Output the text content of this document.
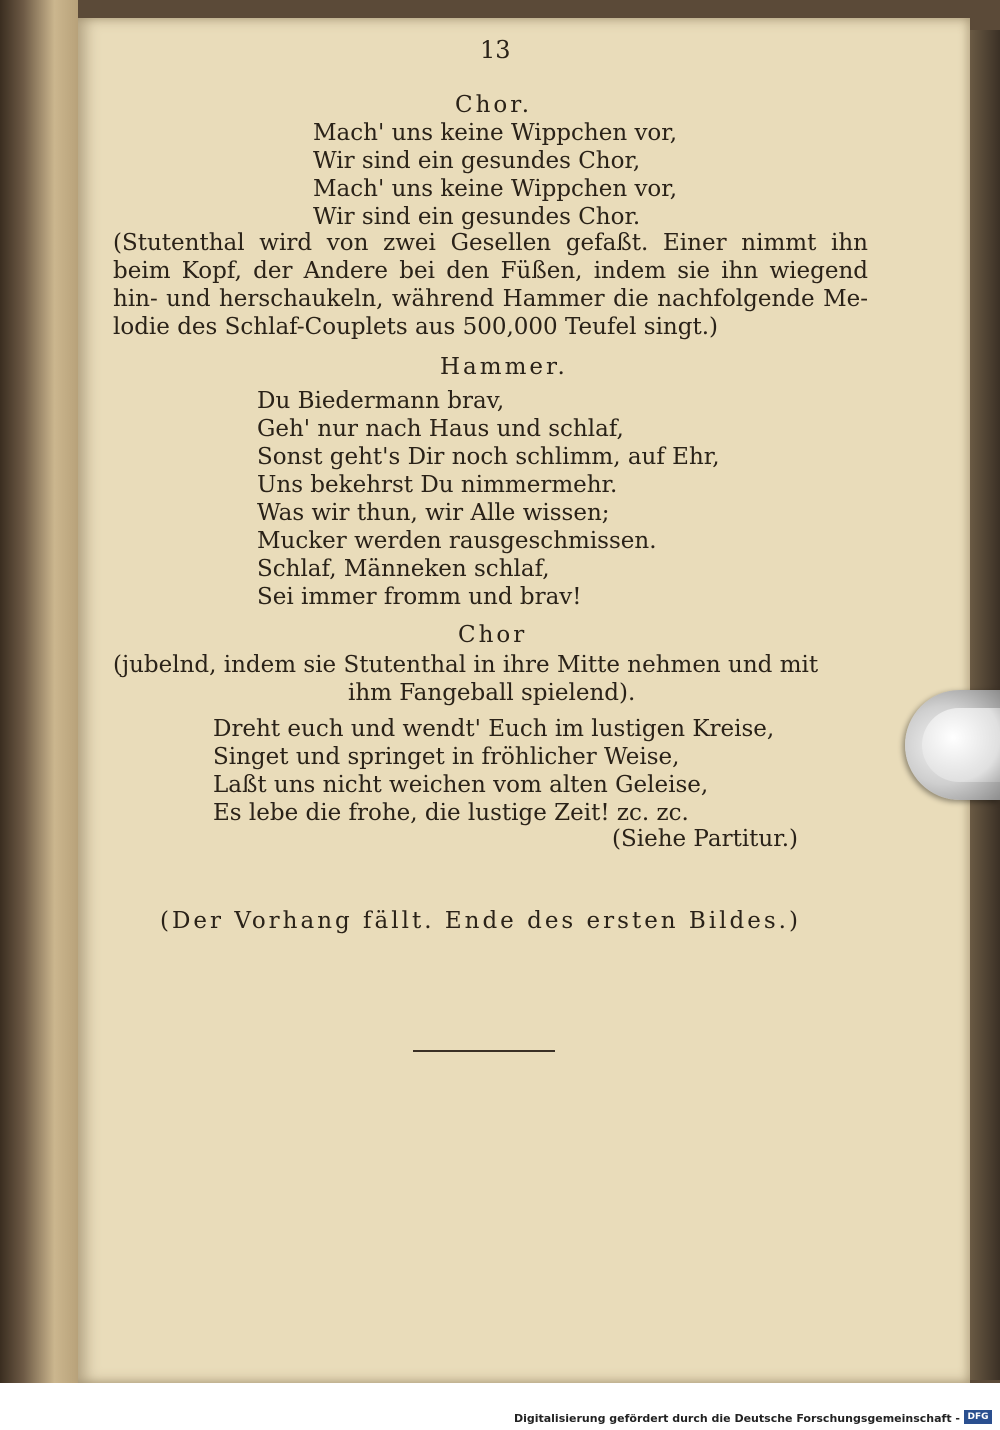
13
Chor.
Mach' uns keine Wippchen vor,
Wir sind ein gesundes Chor,
Mach' uns keine Wippchen vor,
Wir sind ein gesundes Chor.
(Stutenthal wird von zwei Gesellen gefaßt. Einer nimmt ihn
beim Kopf, der Andere bei den Füßen, indem sie ihn wiegend
hin- und herschaukeln, während Hammer die nachfolgende Me-
lodie des Schlaf-Couplets aus 500,000 Teufel singt.)
Hammer.
Du Biedermann brav,
Geh' nur nach Haus und schlaf,
Sonst geht's Dir noch schlimm, auf Ehr,
Uns bekehrst Du nimmermehr.
Was wir thun, wir Alle wissen;
Mucker werden rausgeschmissen.
Schlaf, Männeken schlaf,
Sei immer fromm und brav!
Chor
(jubelnd, indem sie Stutenthal in ihre Mitte nehmen und mit
ihm Fangeball spielend).
Dreht euch und wendt' Euch im lustigen Kreise,
Singet und springet in fröhlicher Weise,
Laßt uns nicht weichen vom alten Geleise,
Es lebe die frohe, die lustige Zeit! zc. zc.
(Siehe Partitur.)
(Der Vorhang fällt. Ende des ersten Bildes.)
Digitalisierung gefördert durch die Deutsche Forschungsgemeinschaft - DFG
